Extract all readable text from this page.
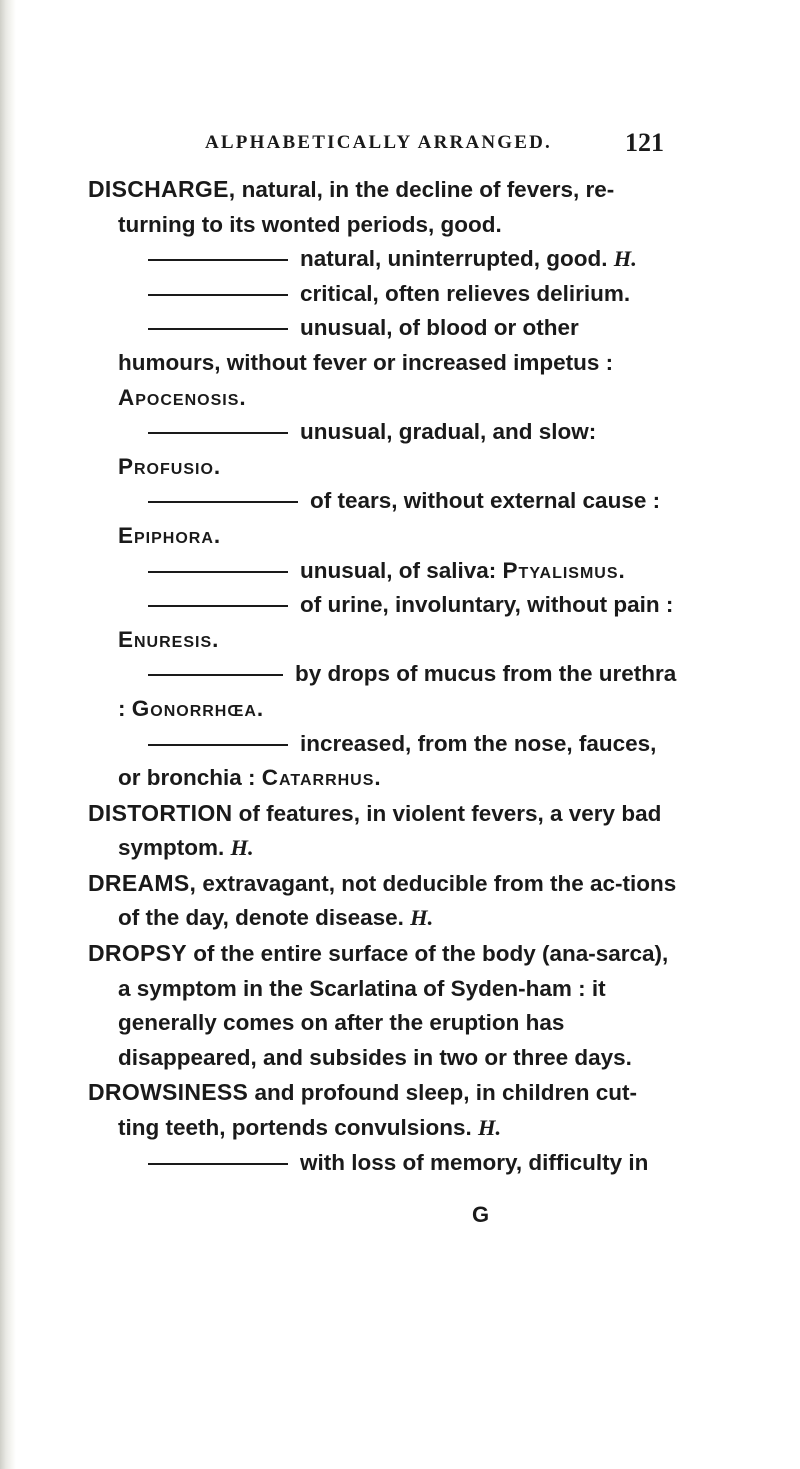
ALPHABETICALLY ARRANGED.	121

DISCHARGE, natural, in the decline of fevers, re-turning to its wonted periods, good.

natural, uninterrupted, good. H.

critical, often relieves delirium.

unusual, of blood or other humours, without fever or increased impetus : Apocenosis.

unusual, gradual, and slow: Profusio.

of tears, without external cause : Epiphora.

unusual, of saliva: Ptyalismus.

of urine, involuntary, without pain : Enuresis.

by drops of mucus from the urethra : Gonorrhœa.

increased, from the nose, fauces, or bronchia : Catarrhus.

DISTORTION of features, in violent fevers, a very bad symptom. H.

DREAMS, extravagant, not deducible from the ac-tions of the day, denote disease. H.

DROPSY of the entire surface of the body (ana-sarca), a symptom in the Scarlatina of Syden-ham : it generally comes on after the eruption has disappeared, and subsides in two or three days.

DROWSINESS and profound sleep, in children cut-ting teeth, portends convulsions. H.

with loss of memory, difficulty in

G
